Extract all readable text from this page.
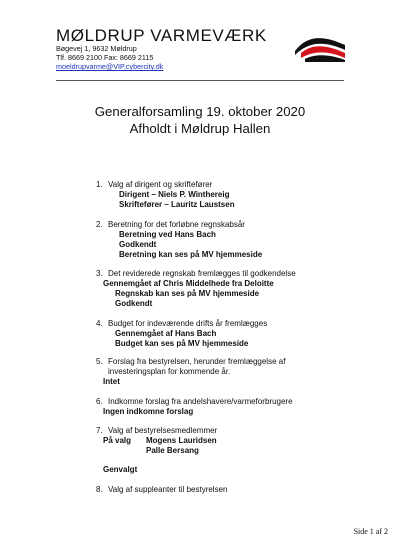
MØLDRUP VARMEVÆRK
Bøgevej 1, 9632 Møldrup
Tlf. 8669 2100 Fax: 8669 2115
moeldrupvarme@VIP.cybercity.dk
Generalforsamling 19. oktober 2020
Afholdt i Møldrup Hallen
1. Valg af dirigent og skriftefører
Dirigent – Niels P. Winthereig
Skriftefører – Lauritz Laustsen
2. Beretning for det forløbne regnskabsår
Beretning ved Hans Bach
Godkendt
Beretning kan ses på MV hjemmeside
3. Det reviderede regnskab fremlægges til godkendelse
Gennemgået af Chris Middelhede fra Deloitte
Regnskab kan ses på MV hjemmeside
Godkendt
4. Budget for indeværende drifts år fremlægges
Gennemgået af Hans Bach
Budget kan ses på MV hjemmeside
5. Forslag fra bestyrelsen, herunder fremlæggelse af
investeringsplan for kommende år.
Intet
6. Indkomne forslag fra andelshavere/varmeforbrugere
Ingen indkomne forslag
7. Valg af bestyrelsesmedlemmer
På valg Mogens Lauridsen
Palle Bersang
Genvalgt
8. Valg af suppleanter til bestyrelsen
Side 1 af 2
